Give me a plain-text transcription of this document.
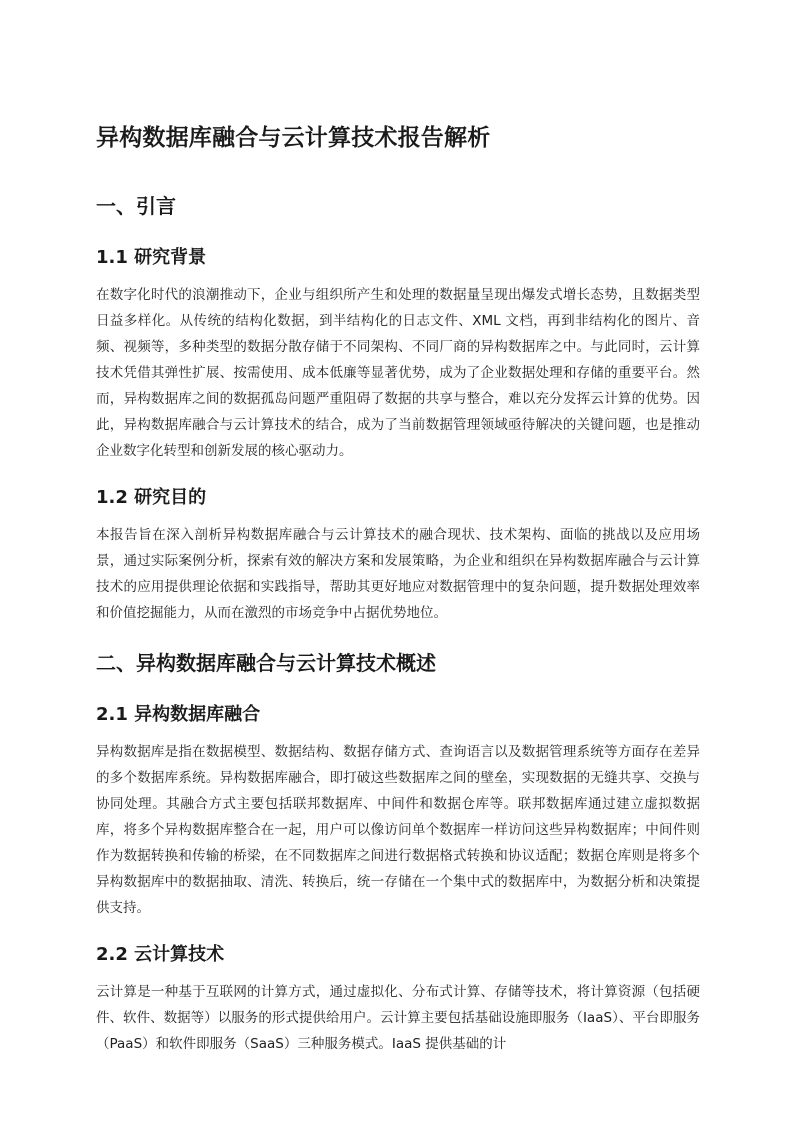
异构数据库融合与云计算技术报告解析
一、引言
1.1 研究背景

在数字化时代的浪潮推动下，企业与组织所产生和处理的数据量呈现出爆发式增长态势，且数据类型日益多样化。从传统的结构化数据，到半结构化的日志文件、XML 文档，再到非结构化的图片、音频、视频等，多种类型的数据分散存储于不同架构、不同厂商的异构数据库之中。与此同时，云计算技术凭借其弹性扩展、按需使用、成本低廉等显著优势，成为了企业数据处理和存储的重要平台。然而，异构数据库之间的数据孤岛问题严重阻碍了数据的共享与整合，难以充分发挥云计算的优势。因此，异构数据库融合与云计算技术的结合，成为了当前数据管理领域亟待解决的关键问题，也是推动企业数字化转型和创新发展的核心驱动力。

1.2 研究目的

本报告旨在深入剖析异构数据库融合与云计算技术的融合现状、技术架构、面临的挑战以及应用场景，通过实际案例分析，探索有效的解决方案和发展策略，为企业和组织在异构数据库融合与云计算技术的应用提供理论依据和实践指导，帮助其更好地应对数据管理中的复杂问题，提升数据处理效率和价值挖掘能力，从而在激烈的市场竞争中占据优势地位。

二、异构数据库融合与云计算技术概述
2.1 异构数据库融合

异构数据库是指在数据模型、数据结构、数据存储方式、查询语言以及数据管理系统等方面存在差异的多个数据库系统。异构数据库融合，即打破这些数据库之间的壁垒，实现数据的无缝共享、交换与协同处理。其融合方式主要包括联邦数据库、中间件和数据仓库等。联邦数据库通过建立虚拟数据库，将多个异构数据库整合在一起，用户可以像访问单个数据库一样访问这些异构数据库；中间件则作为数据转换和传输的桥梁，在不同数据库之间进行数据格式转换和协议适配；数据仓库则是将多个异构数据库中的数据抽取、清洗、转换后，统一存储在一个集中式的数据库中，为数据分析和决策提供支持。

2.2 云计算技术

云计算是一种基于互联网的计算方式，通过虚拟化、分布式计算、存储等技术，将计算资源（包括硬件、软件、数据等）以服务的形式提供给用户。云计算主要包括基础设施即服务（IaaS）、平台即服务（PaaS）和软件即服务（SaaS）三种服务模式。IaaS 提供基础的计
